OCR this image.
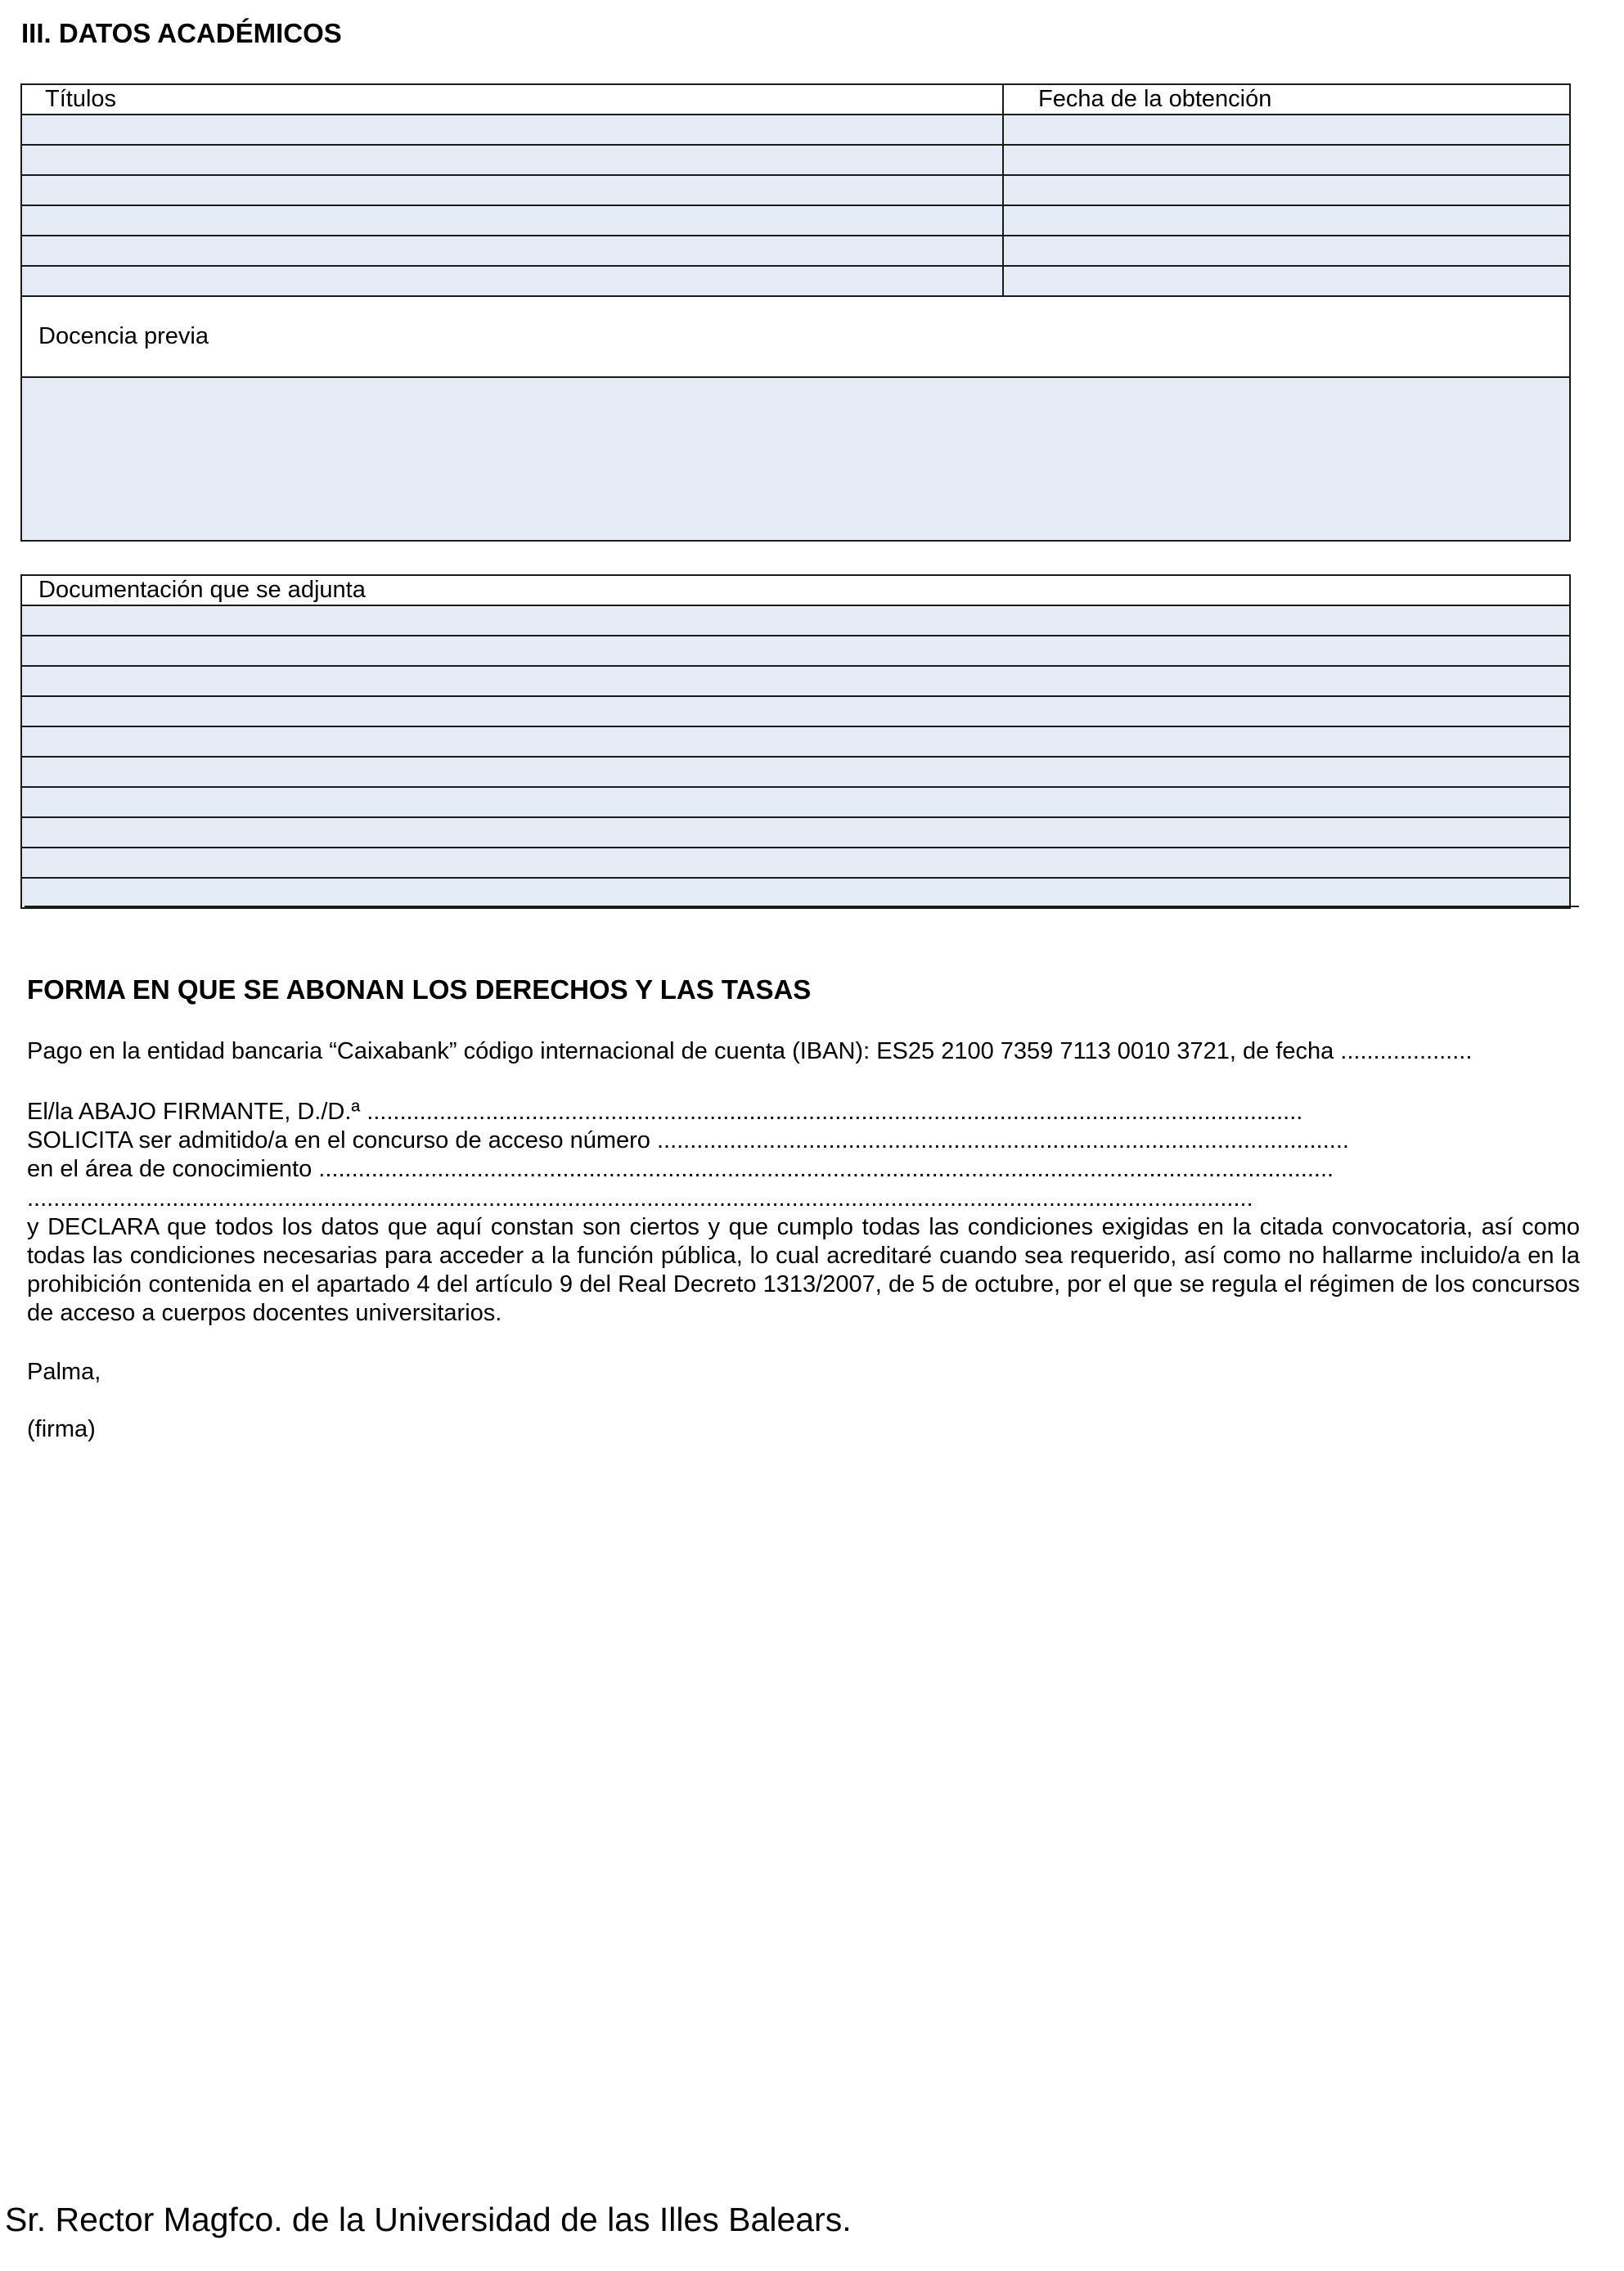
III. DATOS ACADÉMICOS
Títulos	Fecha de la obtención

Docencia previa	

Documentación que se adjunta

FORMA EN QUE SE ABONAN LOS DERECHOS Y LAS TASAS
Pago en la entidad bancaria “Caixabank” código internacional de cuenta (IBAN): ES25 2100 7359 7113 0010 3721, de fecha ....................
El/la ABAJO FIRMANTE, D./D.ª ..............................................................................................................................................
SOLICITA ser admitido/a en el concurso de acceso número .........................................................................................................
en el área de conocimiento ..........................................................................................................................................................
..........................................................................................................................................................................................
y DECLARA que todos los datos que aquí constan son ciertos y que cumplo todas las condiciones exigidas en la citada convocatoria, así como todas las condiciones necesarias para acceder a la función pública, lo cual acreditaré cuando sea requerido, así como no hallarme incluido/a en la prohibición contenida en el apartado 4 del artículo 9 del Real Decreto 1313/2007, de 5 de octubre, por el que se regula el régimen de los concursos de acceso a cuerpos docentes universitarios.
Palma,
(firma)
Sr. Rector Magfco. de la Universidad de las Illes Balears.
